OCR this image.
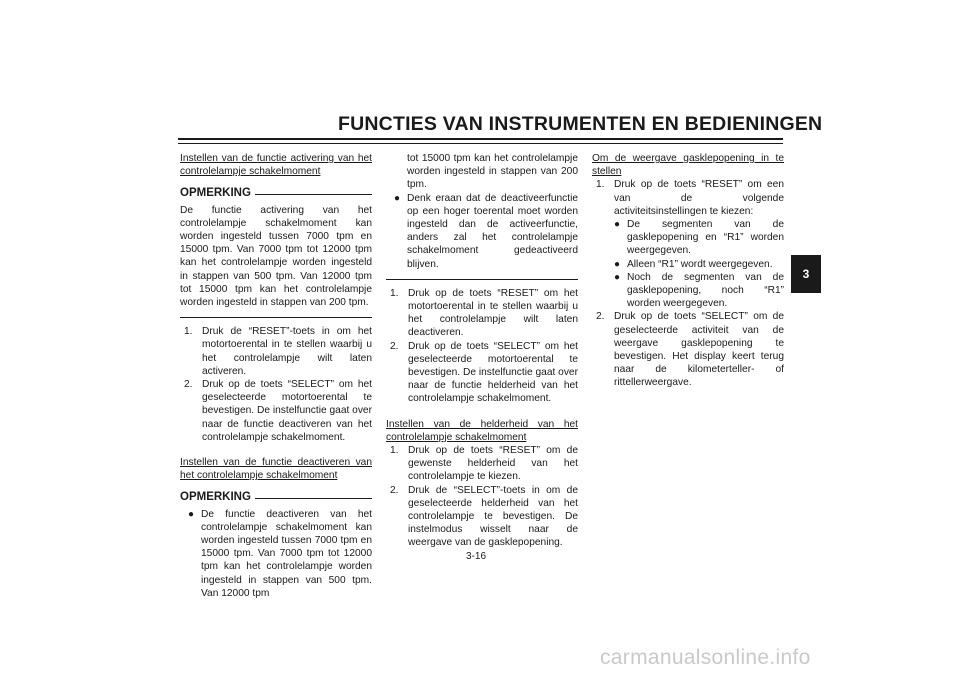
FUNCTIES VAN INSTRUMENTEN EN BEDIENINGEN
3

Instellen van de functie activering van het controlelampje schakelmoment

OPMERKING

De functie activering van het controlelampje schakelmoment kan worden ingesteld tussen 7000 tpm en 15000 tpm. Van 7000 tpm tot 12000 tpm kan het controlelampje worden ingesteld in stappen van 500 tpm. Van 12000 tpm tot 15000 tpm kan het controlelampje worden ingesteld in stappen van 200 tpm.

1. Druk de “RESET”-toets in om het motortoerental in te stellen waarbij u het controlelampje wilt laten activeren.
2. Druk op de toets “SELECT” om het geselecteerde motortoerental te bevestigen. De instelfunctie gaat over naar de functie deactiveren van het controlelampje schakelmoment.

Instellen van de functie deactiveren van het controlelampje schakelmoment

OPMERKING
● De functie deactiveren van het controlelampje schakelmoment kan worden ingesteld tussen 7000 tpm en 15000 tpm. Van 7000 tpm tot 12000 tpm kan het controlelampje worden ingesteld in stappen van 500 tpm. Van 12000 tpm

tot 15000 tpm kan het controlelampje worden ingesteld in stappen van 200 tpm.

● Denk eraan dat de deactiveerfunctie op een hoger toerental moet worden ingesteld dan de activeerfunctie, anders zal het controlelampje schakelmoment gedeactiveerd blijven.
1. Druk op de toets “RESET” om het motortoerental in te stellen waarbij u het controlelampje wilt laten deactiveren.
2. Druk op de toets “SELECT” om het geselecteerde motortoerental te bevestigen. De instelfunctie gaat over naar de functie helderheid van het controlelampje schakelmoment.

Instellen van de helderheid van het controlelampje schakelmoment

1. Druk op de toets “RESET” om de gewenste helderheid van het controlelampje te kiezen.
2. Druk de “SELECT”-toets in om de geselecteerde helderheid van het controlelampje te bevestigen. De instelmodus wisselt naar de weergave van de gasklepopening.

Om de weergave gasklepopening in te stellen

1. Druk op de toets “RESET” om een van de volgende activiteitsinstellingen te kiezen:
● De segmenten van de gasklepopening en “R1” worden weergegeven.
● Alleen “R1” wordt weergegeven.
● Noch de segmenten van de gasklepopening, noch “R1” worden weergegeven.
2. Druk op de toets “SELECT” om de geselecteerde activiteit van de weergave gasklepopening te bevestigen. Het display keert terug naar de kilometerteller- of rittellerweergave.
3-16
carmanualsonline.info
